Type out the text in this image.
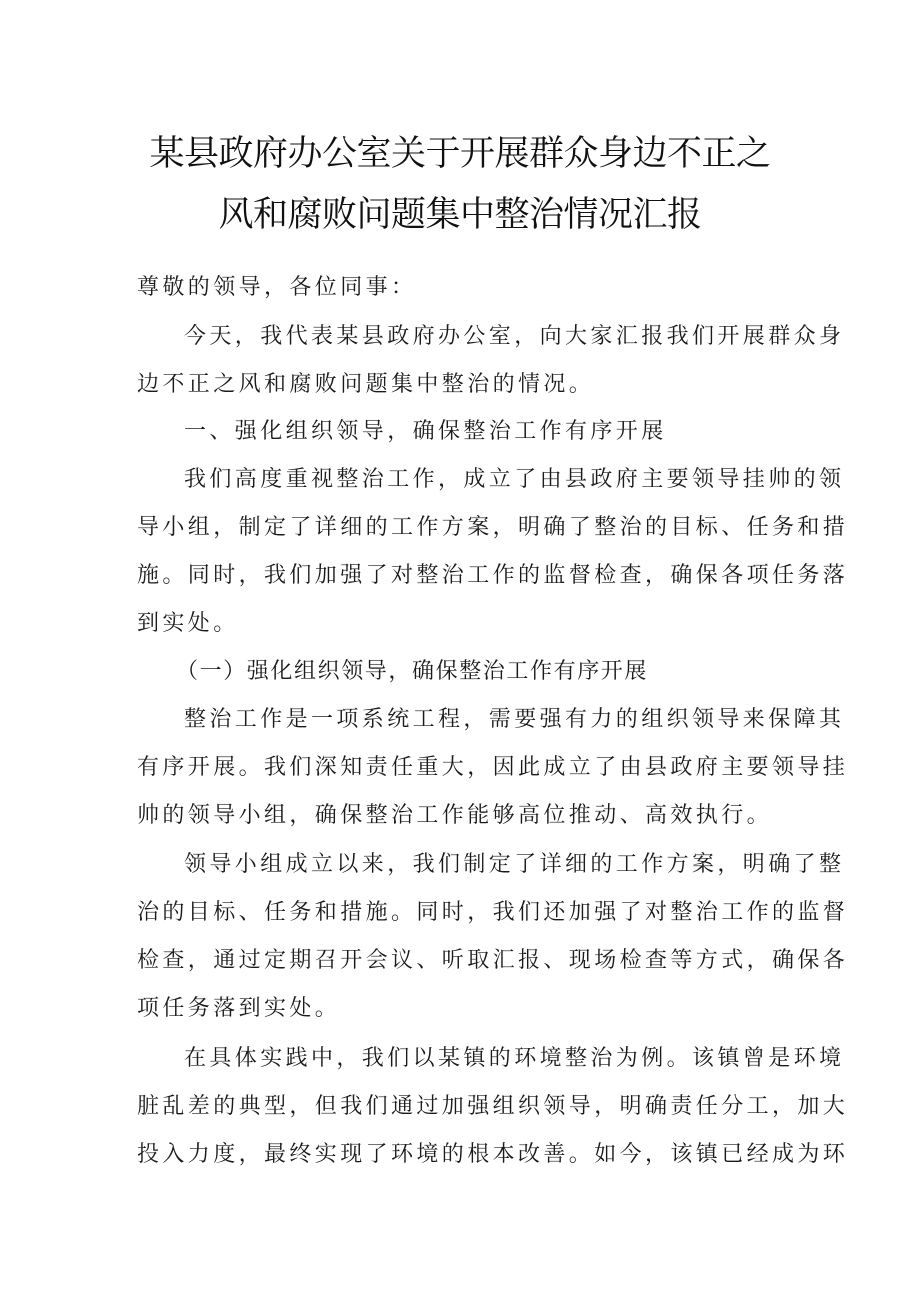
某县政府办公室关于开展群众身边不正之
风和腐败问题集中整治情况汇报
尊敬的领导，各位同事：
今天，我代表某县政府办公室，向大家汇报我们开展群众身
边不正之风和腐败问题集中整治的情况。
一、强化组织领导，确保整治工作有序开展
我们高度重视整治工作，成立了由县政府主要领导挂帅的领
导小组，制定了详细的工作方案，明确了整治的目标、任务和措
施。同时，我们加强了对整治工作的监督检查，确保各项任务落
到实处。
（一）强化组织领导，确保整治工作有序开展
整治工作是一项系统工程，需要强有力的组织领导来保障其
有序开展。我们深知责任重大，因此成立了由县政府主要领导挂
帅的领导小组，确保整治工作能够高位推动、高效执行。
领导小组成立以来，我们制定了详细的工作方案，明确了整
治的目标、任务和措施。同时，我们还加强了对整治工作的监督
检查，通过定期召开会议、听取汇报、现场检查等方式，确保各
项任务落到实处。
在具体实践中，我们以某镇的环境整治为例。该镇曾是环境
脏乱差的典型，但我们通过加强组织领导，明确责任分工，加大
投入力度，最终实现了环境的根本改善。如今，该镇已经成为环
